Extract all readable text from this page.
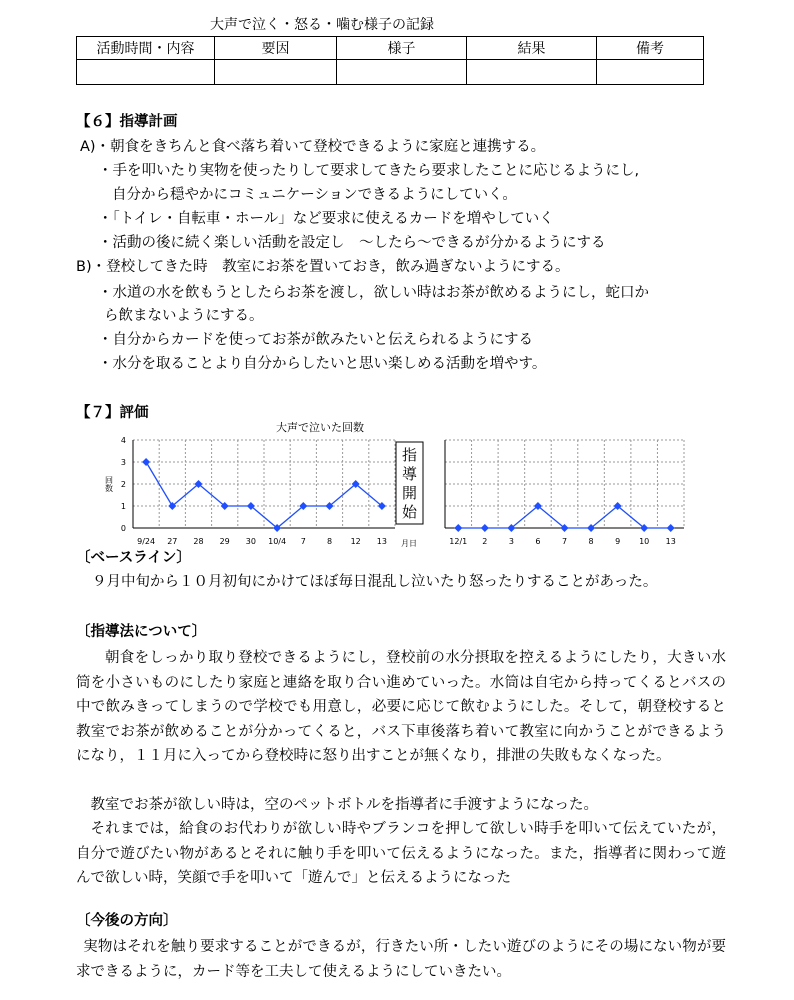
大声で泣く・怒る・噛む様子の記録
活動時間・内容	要因	様子	結果	備考

【６】指導計画
A)・朝食をきちんと食べ落ち着いて登校できるように家庭と連携する。
・手を叩いたり実物を使ったりして要求してきたら要求したことに応じるようにし,
自分から穏やかにコミュニケーションできるようにしていく。
・「トイレ・自転車・ホール」など要求に使えるカードを増やしていく
・活動の後に続く楽しい活動を設定し　～したら～できるが分かるようにする
B)・登校してきた時　教室にお茶を置いておき，飲み過ぎないようにする。
・水道の水を飲もうとしたらお茶を渡し，欲しい時はお茶が飲めるようにし，蛇口か
ら飲まないようにする。
・自分からカードを使ってお茶が飲みたいと伝えられるようにする
・水分を取ることより自分からしたいと思い楽しめる活動を増やす。
【７】評価
大声で泣いた回数
9/24 27 28 29 30 10/4 7	8 12 13	12/1 2	3	6	7	8	9 10 13
0
1
2
3
4
回数
月日
指
導
開
始
〔ベースライン〕
９月中旬から１０月初旬にかけてほぼ毎日混乱し泣いたり怒ったりすることがあった。
〔指導法について〕
朝食をしっかり取り登校できるようにし，登校前の水分摂取を控えるようにしたり，大きい水筒を小さいものにしたり家庭と連絡を取り合い進めていった。水筒は自宅から持ってくるとバスの中で飲みきってしまうので学校でも用意し，必要に応じて飲むようにした。そして，朝登校すると教室でお茶が飲めることが分かってくると，バス下車後落ち着いて教室に向かうことができるようになり，１１月に入ってから登校時に怒り出すことが無くなり，排泄の失敗もなくなった。
教室でお茶が欲しい時は，空のペットボトルを指導者に手渡すようになった。
それまでは，給食のお代わりが欲しい時やブランコを押して欲しい時手を叩いて伝えていたが，自分で遊びたい物があるとそれに触り手を叩いて伝えるようになった。また，指導者に関わって遊んで欲しい時，笑顔で手を叩いて「遊んで」と伝えるようになった
〔今後の方向〕
実物はそれを触り要求することができるが，行きたい所・したい遊びのようにその場にない物が要求できるように，カード等を工夫して使えるようにしていきたい。
